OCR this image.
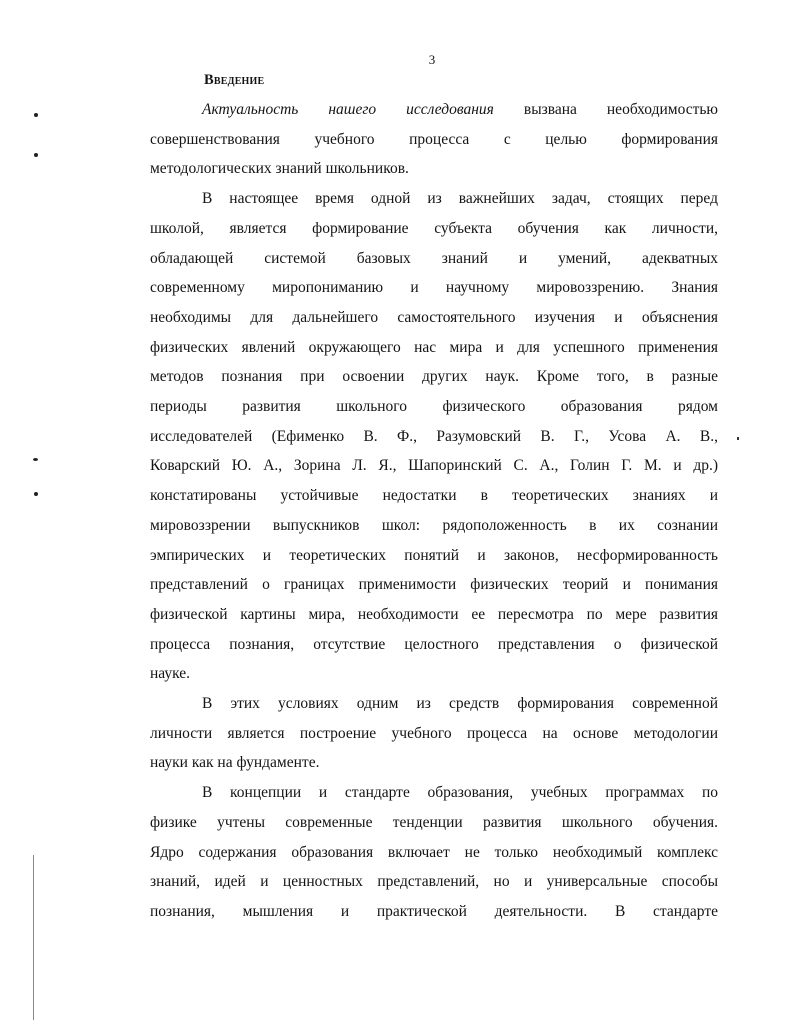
3
Введение
Актуальность нашего исследования вызвана необходимостью
совершенствования учебного процесса с целью формирования
методологических знаний школьников.
В настоящее время одной из важнейших задач, стоящих перед
школой, является формирование субъекта обучения как личности,
обладающей системой базовых знаний и умений, адекватных
современному миропониманию и научному мировоззрению. Знания
необходимы для дальнейшего самостоятельного изучения и объяснения
физических явлений окружающего нас мира и для успешного применения
методов познания при освоении других наук. Кроме того, в разные
периоды развития школьного физического образования рядом
исследователей (Ефименко В. Ф., Разумовский В. Г., Усова А. В.,
Коварский Ю. А., Зорина Л. Я., Шапоринский С. А., Голин Г. М. и др.)
констатированы устойчивые недостатки в теоретических знаниях и
мировоззрении выпускников школ: рядоположенность в их сознании
эмпирических и теоретических понятий и законов, несформированность
представлений о границах применимости физических теорий и понимания
физической картины мира, необходимости ее пересмотра по мере развития
процесса познания, отсутствие целостного представления о физической
науке.
В этих условиях одним из средств формирования современной
личности является построение учебного процесса на основе методологии
науки как на фундаменте.
В концепции и стандарте образования, учебных программах по
физике учтены современные тенденции развития школьного обучения.
Ядро содержания образования включает не только необходимый комплекс
знаний, идей и ценностных представлений, но и универсальные способы
познания, мышления и практической деятельности. В стандарте
